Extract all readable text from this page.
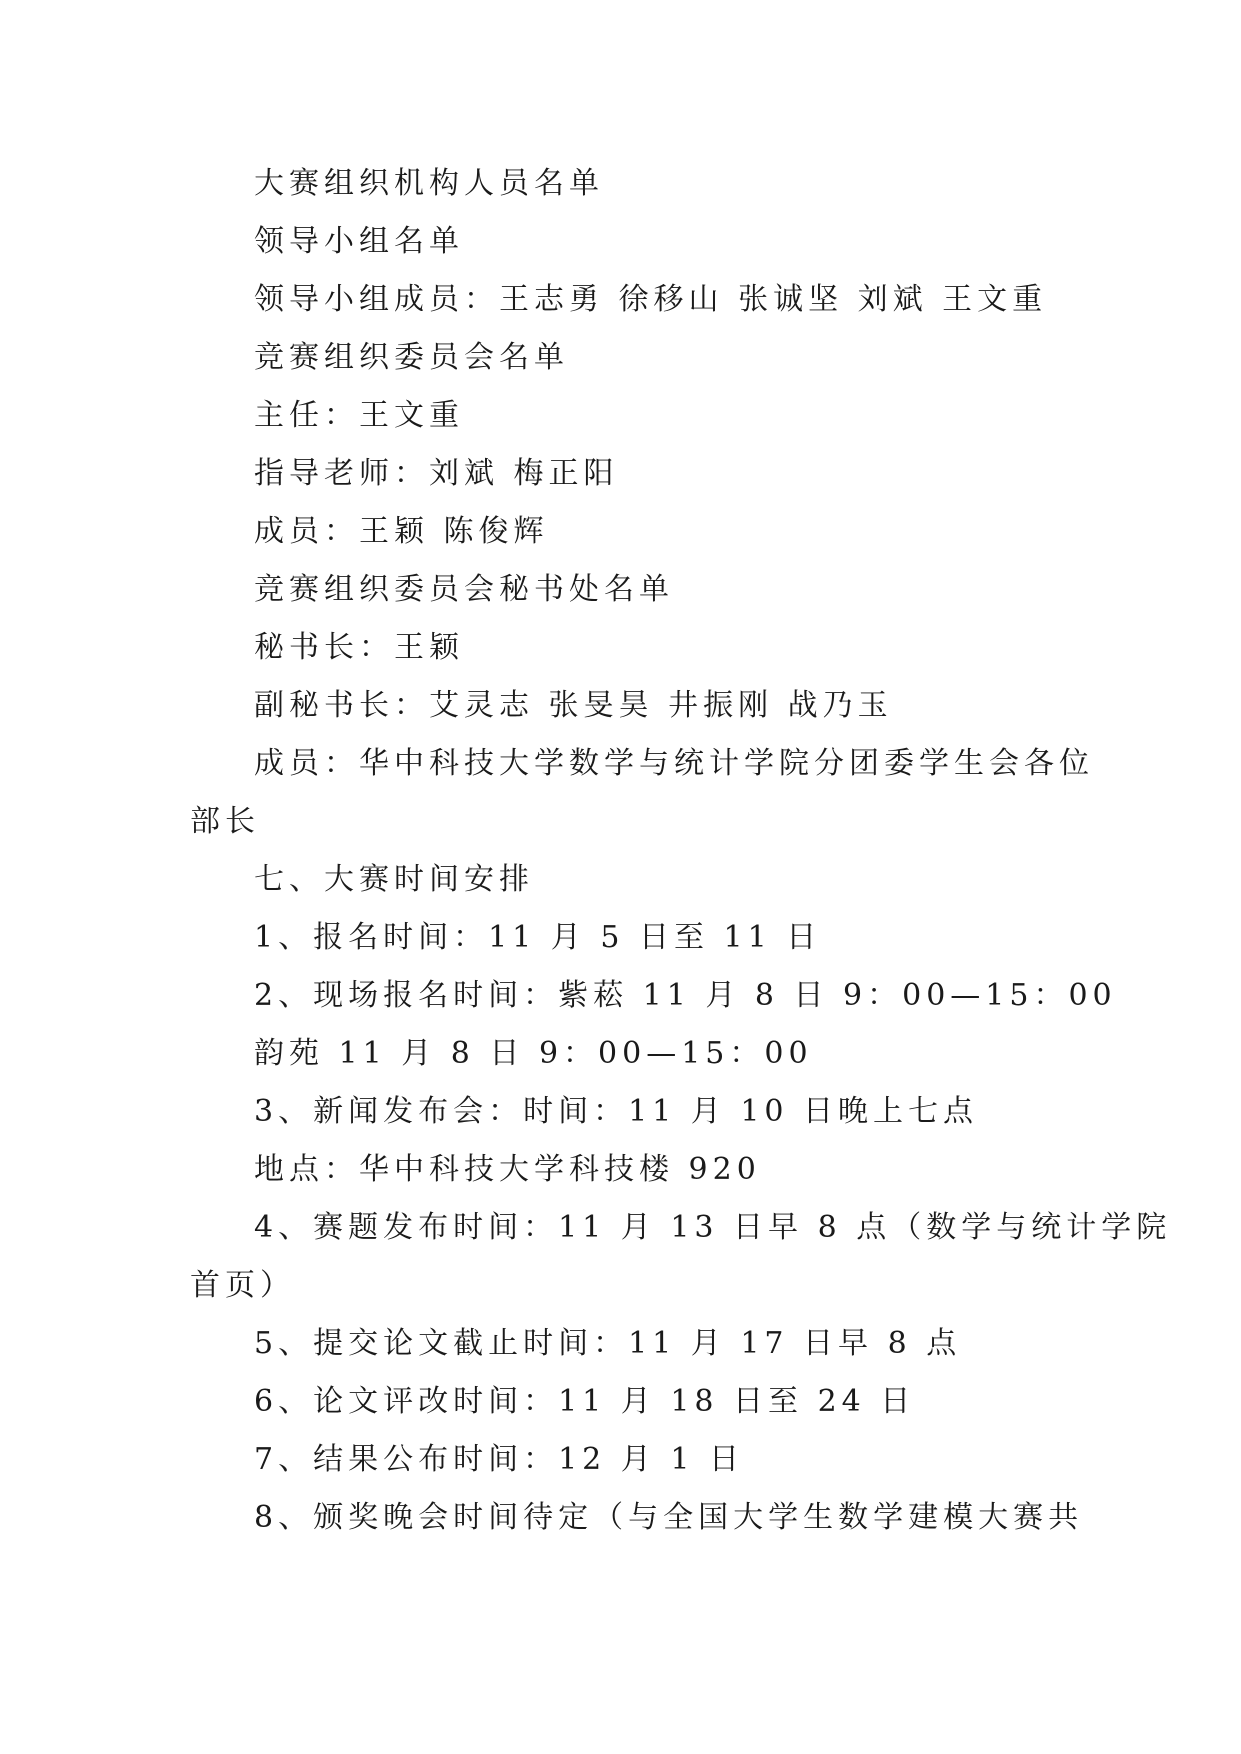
大赛组织机构人员名单
领导小组名单
领导小组成员：王志勇 徐移山 张诚坚 刘斌 王文重
竞赛组织委员会名单
主任：王文重
指导老师：刘斌 梅正阳
成员：王颖 陈俊辉
竞赛组织委员会秘书处名单
秘书长：王颖
副秘书长：艾灵志 张旻昊 井振刚 战乃玉
成员：华中科技大学数学与统计学院分团委学生会各位
部长
七、大赛时间安排
1、报名时间：11 月 5 日至 11 日
2、现场报名时间：紫菘 11 月 8 日 9：00—15：00
韵苑 11 月 8 日 9：00—15：00
3、新闻发布会：时间：11 月 10 日晚上七点
地点：华中科技大学科技楼 920
4、赛题发布时间：11 月 13 日早 8 点（数学与统计学院
首页）
5、提交论文截止时间：11 月 17 日早 8 点
6、论文评改时间：11 月 18 日至 24 日
7、结果公布时间：12 月 1 日
8、颁奖晚会时间待定（与全国大学生数学建模大赛共
